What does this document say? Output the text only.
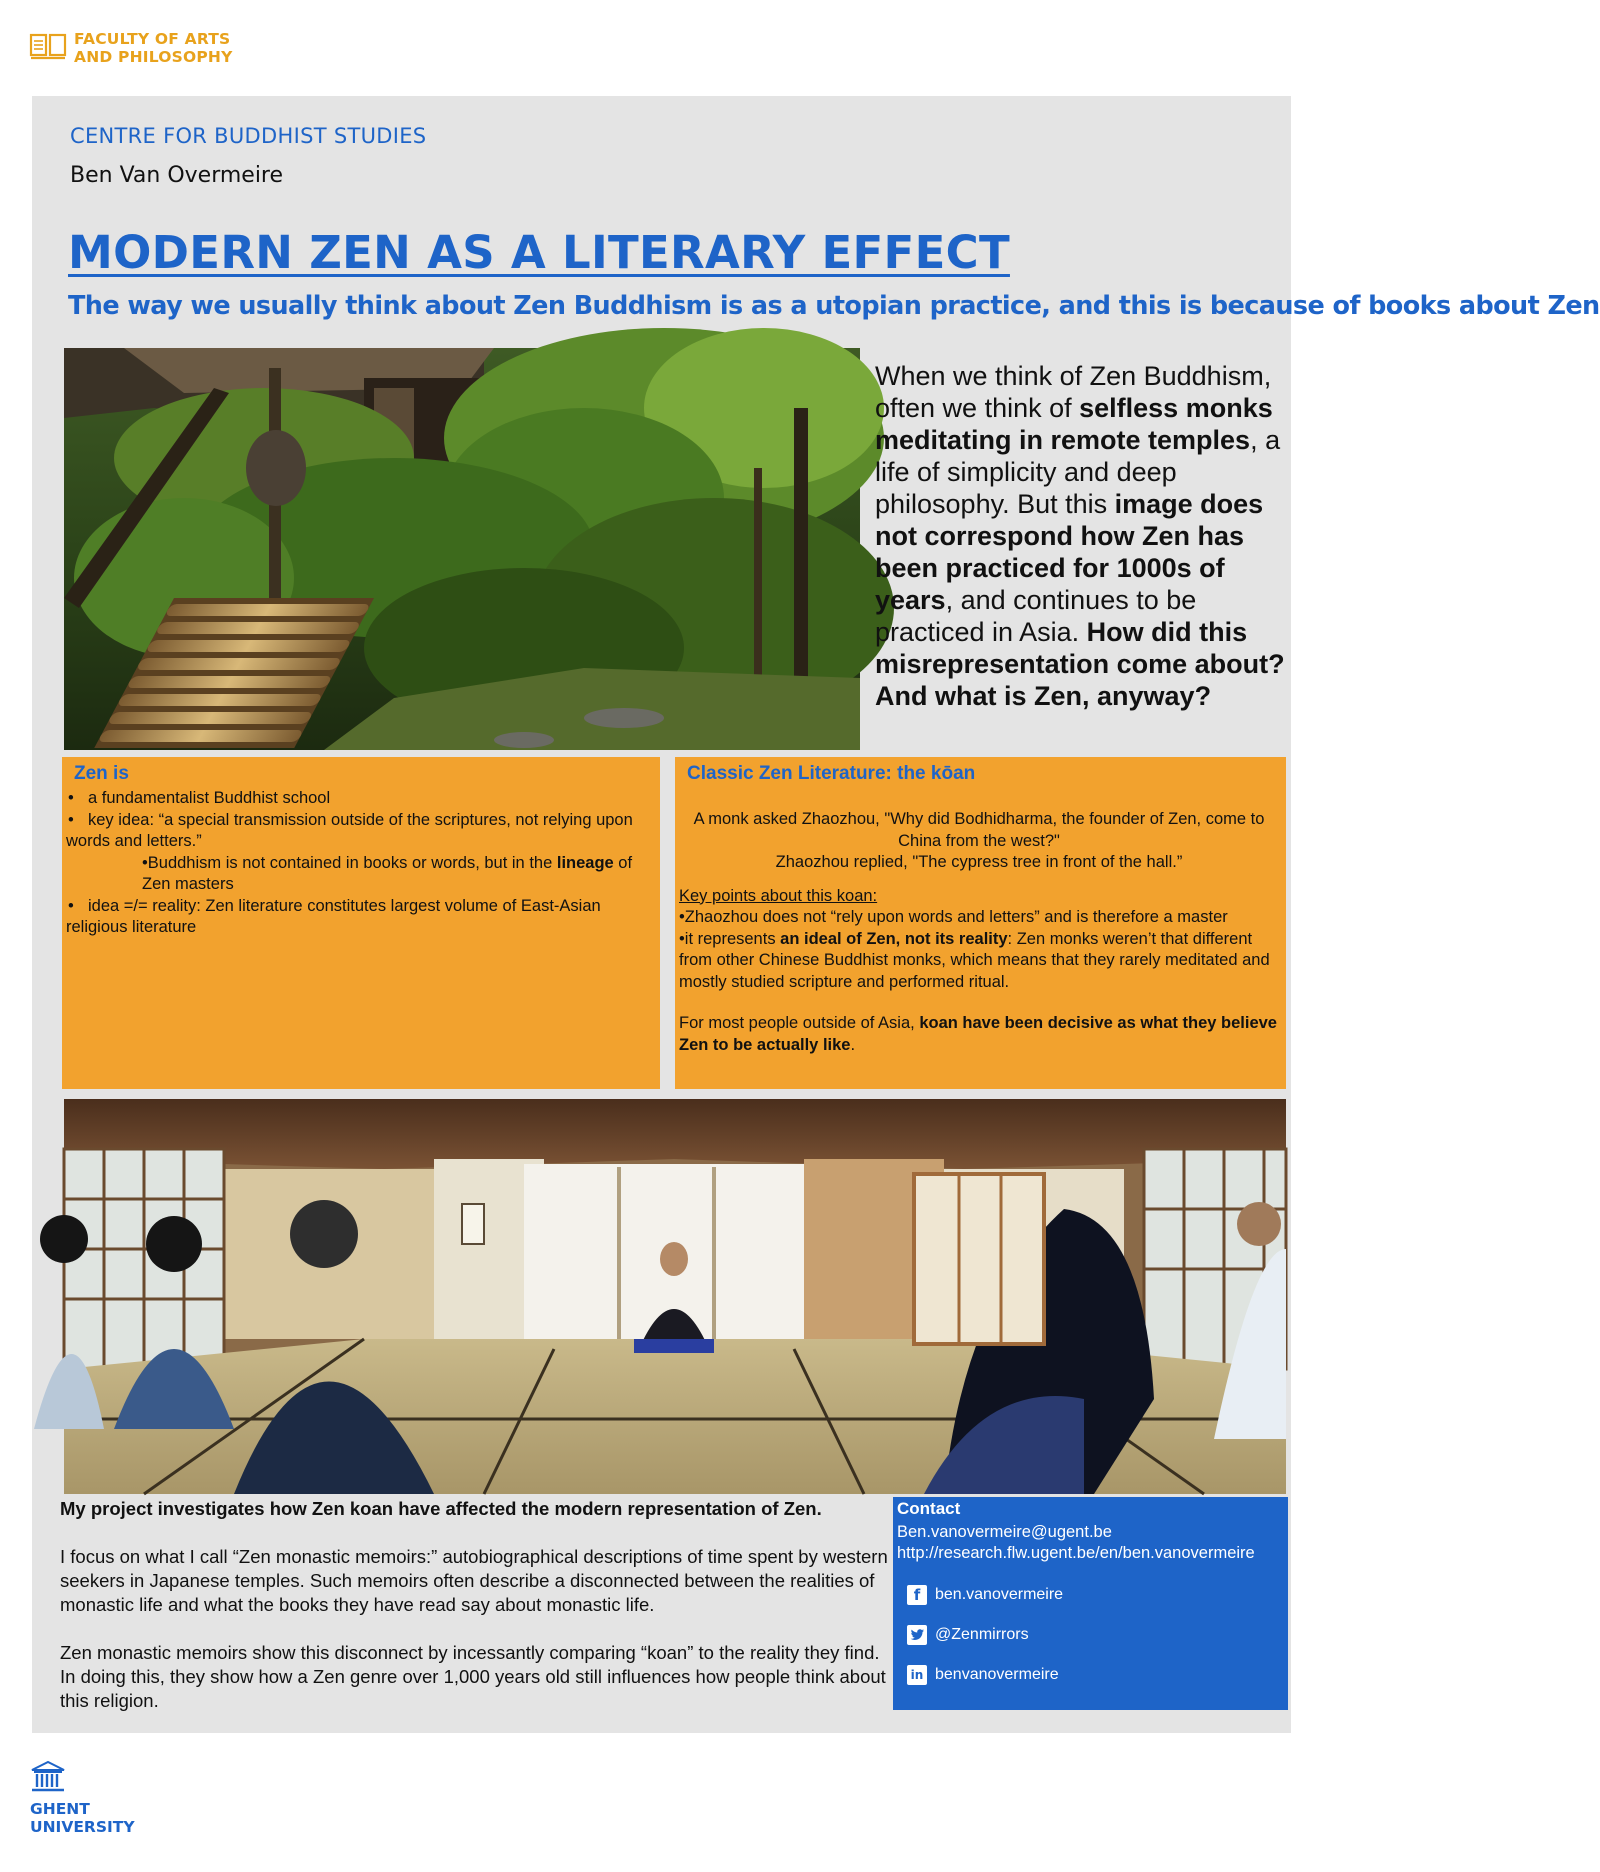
FACULTY OF ARTS
AND PHILOSOPHY
CENTRE FOR BUDDHIST STUDIES
Ben Van Overmeire
MODERN ZEN AS A LITERARY EFFECT
The way we usually think about Zen Buddhism is as a utopian practice, and this is because of books about Zen
When we think of Zen Buddhism, often we think of selfless monks meditating in remote temples, a life of simplicity and deep philosophy. But this image does not correspond how Zen has been practiced for 1000s of years, and continues to be practiced in Asia. How did this misrepresentation come about? And what is Zen, anyway?
Zen is
• a fundamentalist Buddhist school
• key idea: “a special transmission outside of the scriptures, not relying upon words and letters.”
•Buddhism is not contained in books or words, but in the lineage of Zen masters
• idea =/= reality: Zen literature constitutes largest volume of East-Asian religious literature
Classic Zen Literature: the kōan
A monk asked Zhaozhou, "Why did Bodhidharma, the founder of Zen, come to China from the west?"
Zhaozhou replied, "The cypress tree in front of the hall.”
Key points about this koan:
•Zhaozhou does not “rely upon words and letters” and is therefore a master
•it represents an ideal of Zen, not its reality: Zen monks weren’t that different from other Chinese Buddhist monks, which means that they rarely meditated and mostly studied scripture and performed ritual.
For most people outside of Asia, koan have been decisive as what they believe Zen to be actually like.
My project investigates how Zen koan have affected the modern representation of Zen.
I focus on what I call “Zen monastic memoirs:” autobiographical descriptions of time spent by western seekers in Japanese temples. Such memoirs often describe a disconnected between the realities of monastic life and what the books they have read say about monastic life.
Zen monastic memoirs show this disconnect by incessantly comparing “koan” to the reality they find. In doing this, they show how a Zen genre over 1,000 years old still influences how people think about this religion.
Contact
Ben.vanovermeire@ugent.be
http://research.flw.ugent.be/en/ben.vanovermeire
f ben.vanovermeire
@Zenmirrors
in benvanovermeire
GHENT
UNIVERSITY
